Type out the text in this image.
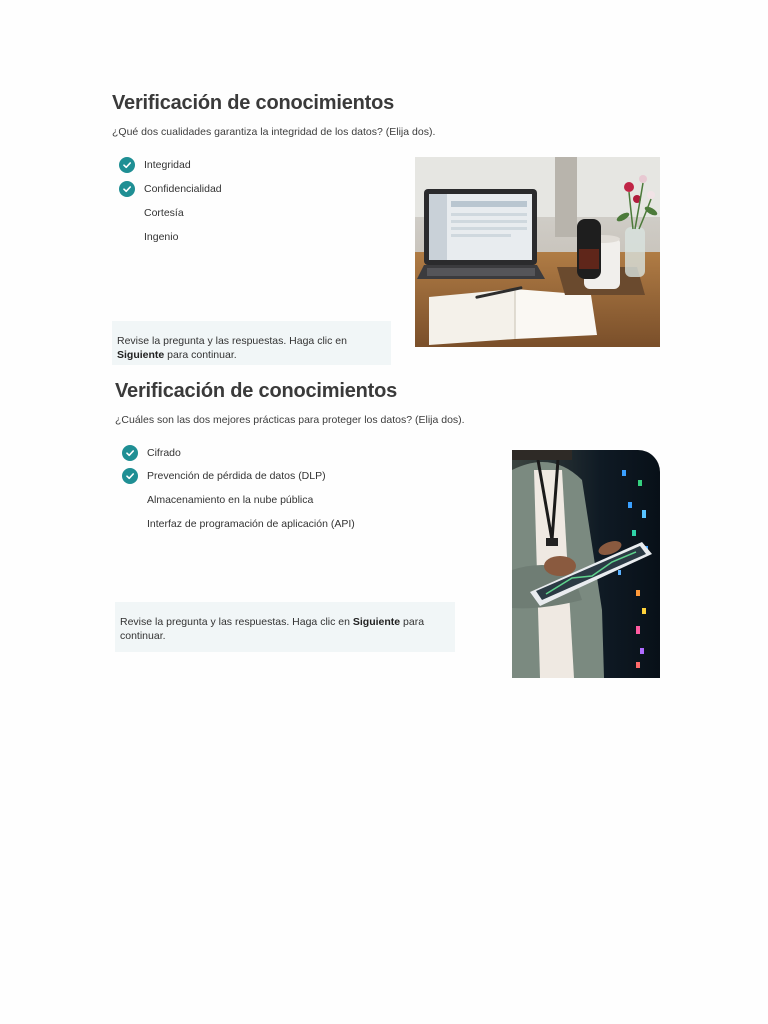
Verificación de conocimientos
¿Qué dos cualidades garantiza la integridad de los datos? (Elija dos).
Integridad
Confidencialidad
Cortesía
Ingenio
Revise la pregunta y las respuestas. Haga clic en
Siguiente para continuar.
Verificación de conocimientos
¿Cuáles son las dos mejores prácticas para proteger los datos? (Elija dos).
Cifrado
Prevención de pérdida de datos (DLP)
Almacenamiento en la nube pública
Interfaz de programación de aplicación (API)
Revise la pregunta y las respuestas. Haga clic en Siguiente para continuar.
